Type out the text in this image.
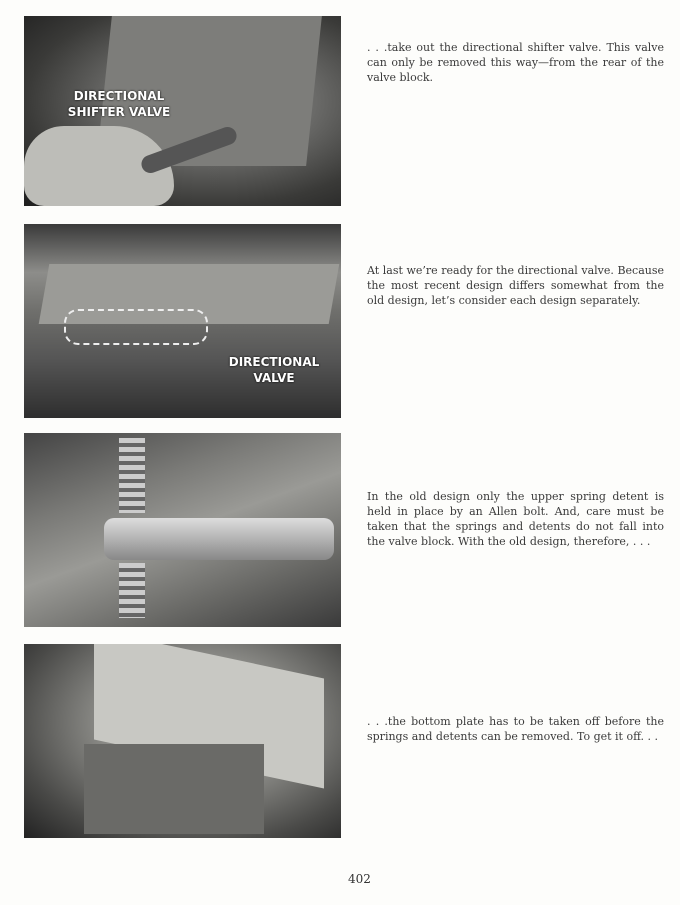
DIRECTIONAL
SHIFTER VALVE
DIRECTIONAL
VALVE
. . .take out the directional shifter valve. This valve can only be removed this way—from the rear of the valve block.
At last we’re ready for the directional valve. Because the most recent design differs somewhat from the old design, let’s consider each design separately.
In the old design only the upper spring detent is held in place by an Allen bolt. And, care must be taken that the springs and detents do not fall into the valve block. With the old design, therefore, . . .
. . .the bottom plate has to be taken off before the springs and detents can be removed. To get it off. . .
402
